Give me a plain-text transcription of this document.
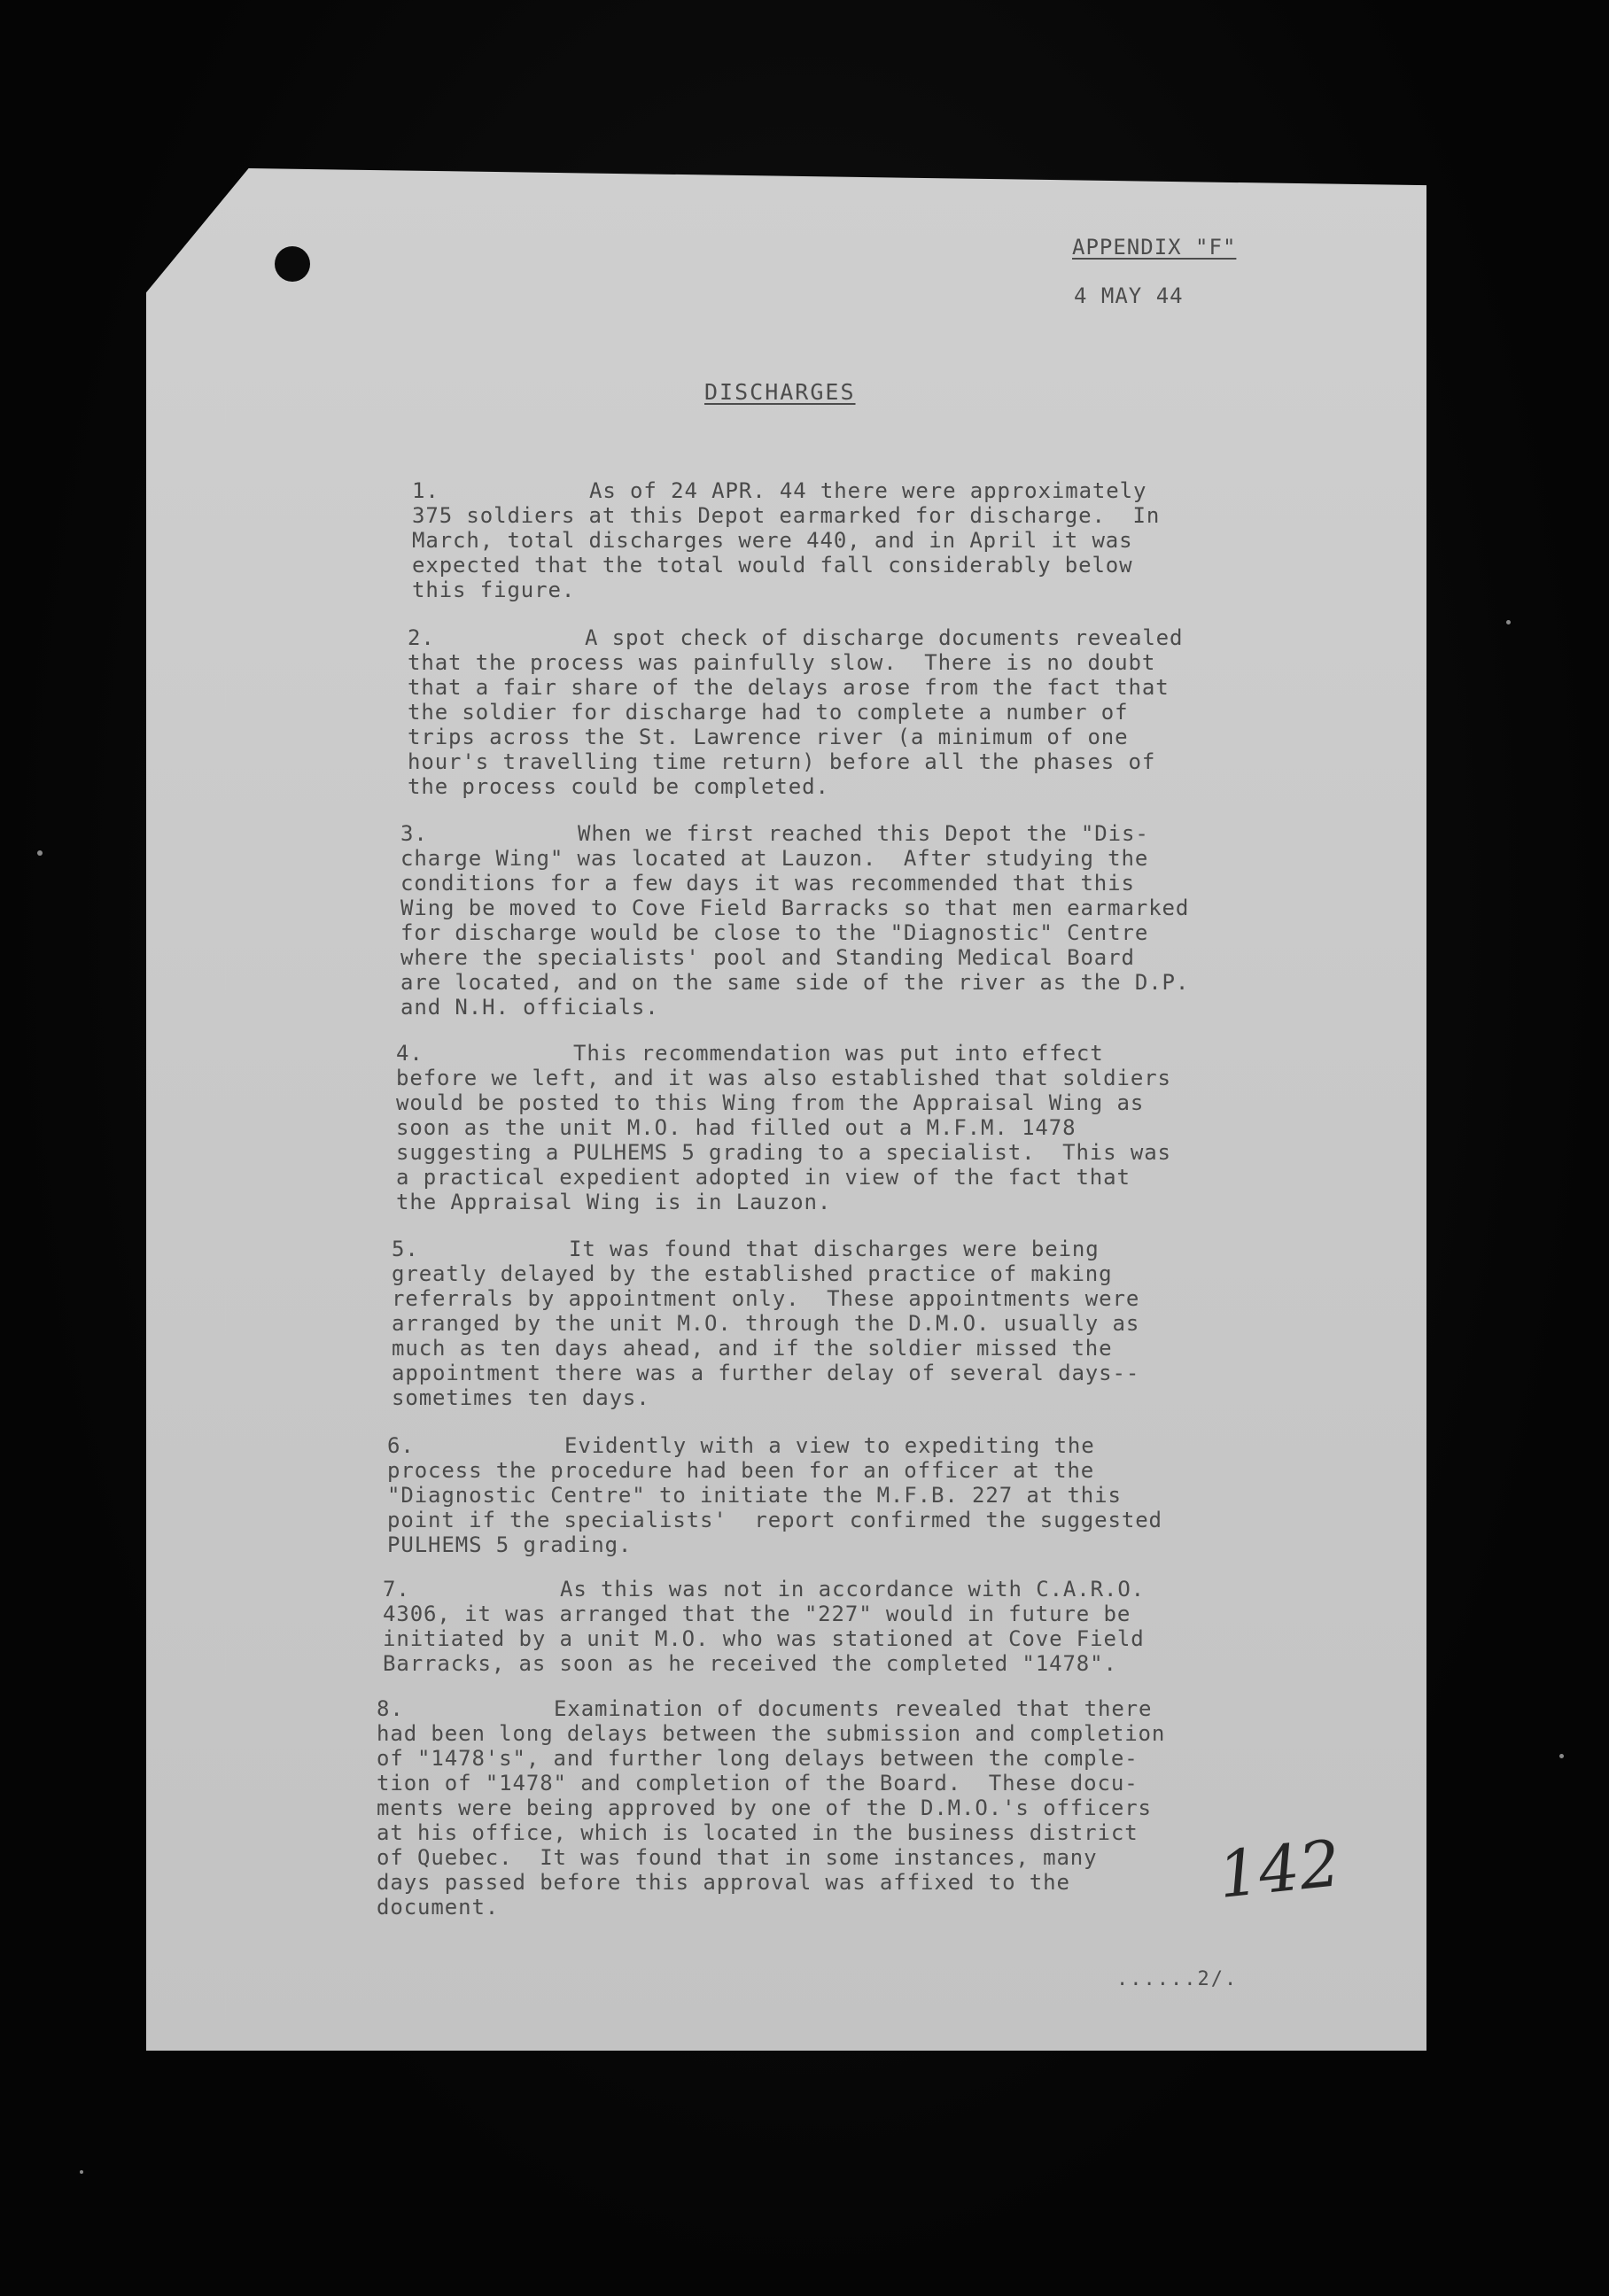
APPENDIX "F"
4 MAY 44
DISCHARGES
1.	As of 24 APR. 44 there were approximately
375 soldiers at this Depot earmarked for discharge.  In
March, total discharges were 440, and in April it was
expected that the total would fall considerably below
this figure.
2.	A spot check of discharge documents revealed
that the process was painfully slow.  There is no doubt
that a fair share of the delays arose from the fact that
the soldier for discharge had to complete a number of
trips across the St. Lawrence river (a minimum of one
hour's travelling time return) before all the phases of
the process could be completed.
3.	When we first reached this Depot the "Dis-
charge Wing" was located at Lauzon.  After studying the
conditions for a few days it was recommended that this
Wing be moved to Cove Field Barracks so that men earmarked
for discharge would be close to the "Diagnostic" Centre
where the specialists' pool and Standing Medical Board
are located, and on the same side of the river as the D.P.
and N.H. officials.
4.	This recommendation was put into effect
before we left, and it was also established that soldiers
would be posted to this Wing from the Appraisal Wing as
soon as the unit M.O. had filled out a M.F.M. 1478
suggesting a PULHEMS 5 grading to a specialist.  This was
a practical expedient adopted in view of the fact that
the Appraisal Wing is in Lauzon.
5.	It was found that discharges were being
greatly delayed by the established practice of making
referrals by appointment only.  These appointments were
arranged by the unit M.O. through the D.M.O. usually as
much as ten days ahead, and if the soldier missed the
appointment there was a further delay of several days--
sometimes ten days.
6.	Evidently with a view to expediting the
process the procedure had been for an officer at the
"Diagnostic Centre" to initiate the M.F.B. 227 at this
point if the specialists'  report confirmed the suggested
PULHEMS 5 grading.
7.	As this was not in accordance with C.A.R.O.
4306, it was arranged that the "227" would in future be
initiated by a unit M.O. who was stationed at Cove Field
Barracks, as soon as he received the completed "1478".
8.	Examination of documents revealed that there
had been long delays between the submission and completion
of "1478's", and further long delays between the comple-
tion of "1478" and completion of the Board.  These docu-
ments were being approved by one of the D.M.O.'s officers
at his office, which is located in the business district
of Quebec.  It was found that in some instances, many
days passed before this approval was affixed to the
document.	142
......2/.
